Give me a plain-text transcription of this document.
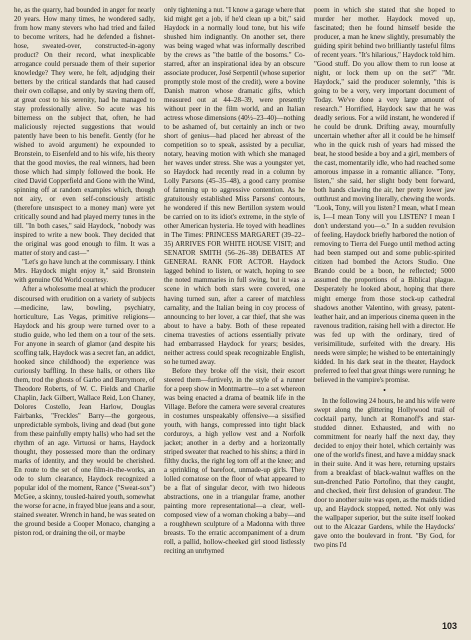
he, as the quarry, had bounded in anger for nearly 20 years. How many times, he wondered sadly, from how many stevers who had tried and failed to become writers, had he defended a fishnet-hose, sweated-over, constructed-in-agony product? On their record, what inexplicable arrogance could persuade them of their superior knowledge? They were, he felt, adjudging their betters by the critical standards that had caused their own collapse, and only by staving them off, at great cost to his serenity, had he managed to stay professionally alive. So acute was his bitterness on the subject that, often, he had maliciously rejected suggestions that would patently have been to his benefit. Gently (for he wished to avoid argument) he expounded to Bronstein, to Eisenfeld and to his wife, his theory that the good movies, the real winners, had been those which had simply followed the book. He cited David Copperfield and Gone with the Wind, spinning off at random examples which, though not airy, or even self-consciously artistic (therefore unsuspect to a money man) were yet critically sound and had played merry tunes in the till. "In both cases," said Haydock, "nobody was inspired to write a new book. They decided that the original was good enough to film. It was a matter of story and cast—"

"Let's go have lunch at the commissary. I think Mrs. Haydock might enjoy it," said Bronstein with genuine Old World courtesy.

After a wholesome meal at which the producer discoursed with erudition on a variety of subjects—medicine, law, bowling, psychiatry, horticulture, Las Vegas, primitive religions—Haydock and his group were turned over to a studio guide, who led them on a tour of the sets. For anyone in search of glamor (and despite his scoffing talk, Haydock was a secret fan, an addict, hooked since childhood) the experience was curiously baffling. In these halls, or others like them, trod the ghosts of Garbo and Barrymore, of Theodore Roberts, of W. C. Fields and Charlie Chaplin, Jack Gilbert, Wallace Reid, Lon Chaney, Dolores Costello, Jean Harlow, Douglas Fairbanks, "Freckles" Barry—the gorgeous, unpredictable symbols, living and dead (but gone from these painfully empty halls) who had set the rhythm of an age. Virtuosi or hams, Haydock thought, they possessed more than the ordinary marks of identity, and they would be cherished. En route to the set of one film-in-the-works, an ode to slum clearance, Haydock recognized a popular idol of the moment, Rance ("Sweat-sox") McGee, a skinny, tousled-haired youth, somewhat the worse for acne, in frayed blue jeans and a sour, stained sweater. Wrench in hand, he was seated on the ground beside a Cooper Monaco, changing a piston rod, or draining the oil, or maybe

only tightening a nut. "I know a garage where that kid might get a job, if he'd clean up a bit," said Haydock in a normally loud tone, but his wife shushed him indignantly. On another set, there was being waged what was informally described by the crews as "the battle of the bosoms." Co-starred, after an inspirational idea by an obscure associate producer, José Serpentil (whose superior promptly stole most of the credit), were a bovine Danish matron whose dramatic gifts, which measured out at 44–28–39, were presently without peer in the film world, and an Italian actress whose dimensions (40½–23–40)—nothing to be ashamed of, but certainly an inch or two short of genius—had placed her abreast of the competition so to speak, assisted by a peculiar, notary, heaving motion with which she managed her waves under stress. She was a youngster yet, so Haydock had recently read in a column by Lolly Parsons (45–35–48), a good carry promise of fattening up to aggressive contention. As he gratuitously established Miss Parsons' contours, he wondered if this new Bertillon system would be carried on to its idiot's extreme, in the style of other American hysteria. He toyed with headlines in The Times: PRINCESS MARGARET (39–22–35) ARRIVES FOR WHITE HOUSE VISIT; and SENATOR SMITH (56–26–38) DEBATES AT GENERAL RANK FOR ACTOR. Haydock lagged behind to listen, or watch, hoping to see the noted mammaries in full swing, but it was a scene in which both stars were covered, one having turned sun, after a career of matchless carnality, and the Italian being in coy process of announcing to her lover, a car thief, that she was about to have a baby. Both of these repeated cinema travesties of actions essentially private had embarrassed Haydock for years; besides, neither actress could speak recognizable English, so he turned away.

Before they broke off the visit, their escort steered them—furtively, in the style of a runner for a peep show in Montmartre—to a set whereon was being enacted a drama of beatnik life in the Village. Before the camera were several creatures in costumes unspeakably offensive—a sissified youth, with hangs, compressed into tight black corduroys, a high yellow vest and a Norfolk jacket; another in a derby and a horizontally striped sweater that reached to his shins; a third in filthy ducks, the right leg torn off at the knee; and a sprinkling of barefoot, unmade-up girls. They lolled comatose on the floor of what appeared to be a flat of singular decor, with two hideous abstractions, one in a triangular frame, another painting more representational—a clear, well-composed view of a woman choking a baby—and a roughhewn sculpture of a Madonna with three breasts. To the erratic accompaniment of a drum roll, a pallid, hollow-cheeked girl stood listlessly reciting an unrhymed

poem in which she stated that she hoped to murder her mother. Haydock moved up, fascinated; then he found himself beside the producer, a man he knew slightly, presumably the guiding spirit behind two brilliantly tasteful films of recent years. "It's hilarious," Haydock told him. "Good stuff. Do you allow them to run loose at night, or lock them up on the set?" "Mr. Haydock," said the producer solemnly, "this is going to be a very, very important document of Today. We've done a very large amount of research." Horrified, Haydock saw that he was deadly serious. For a wild instant, he wondered if he could be drunk. Drifting away, mournfully uncertain whether after all it could be he himself who in the quick rush of years had missed the beat, he stood beside a boy and a girl, members of the cast, momentarily idle, who had reached some amorous impasse in a romantic alliance. "Tony, listen," she said, her slight body bent forward, both hands clawing the air, her pretty lower jaw outthrust and moving literally, chewing the words. "Look, Tony, will you listen? I mean, what I mean is, I—I mean Tony will you LISTEN? I mean I don't understand you—o." In a sudden revulsion of feeling, Haydock briefly harbored the notion of removing to Tierra del Fuego until method acting had been stamped out and some public-spirited citizen had bombed the Actors Studio. One Brando could be a boon, he reflected; 5000 assumed the proportions of a Biblical plague. Desperately he looked about, hoping that there might emerge from those stock-up cathedral shadows another Valentino, with greasy, patent-leather hair, and an imperious cinema queen in the ravenous tradition, raising hell with a director. He was fed up with the ordinary, tired of verisimilitude, surfeited with the dreary. His needs were simple; he wished to be entertainingly kidded. In his dark seat in the theater, Haydock preferred to feel that great things were running; he believed in the vampire's promise.

•

In the following 24 hours, he and his wife were swept along the glittering Hollywood trail of cocktail party, lunch at Romanoff's and star-studded dinner. Exhausted, and with no commitment for nearly half the next day, they decided to enjoy their hotel, which certainly was one of the world's finest, and have a midday snack in their suite. And it was here, returning upstairs from a breakfast of black-walnut waffles on the sun-drenched Patio Portofino, that they caught, and checked, their first delusion of grandeur. The door to another suite was open, as the maids tidied up, and Haydock stopped, netted. Not only was the wallpaper superior, but the suite itself looked out to the Alcazar Gardens, while the Haydocks' gave onto the boulevard in front. "By God, for two pins I'd

103
